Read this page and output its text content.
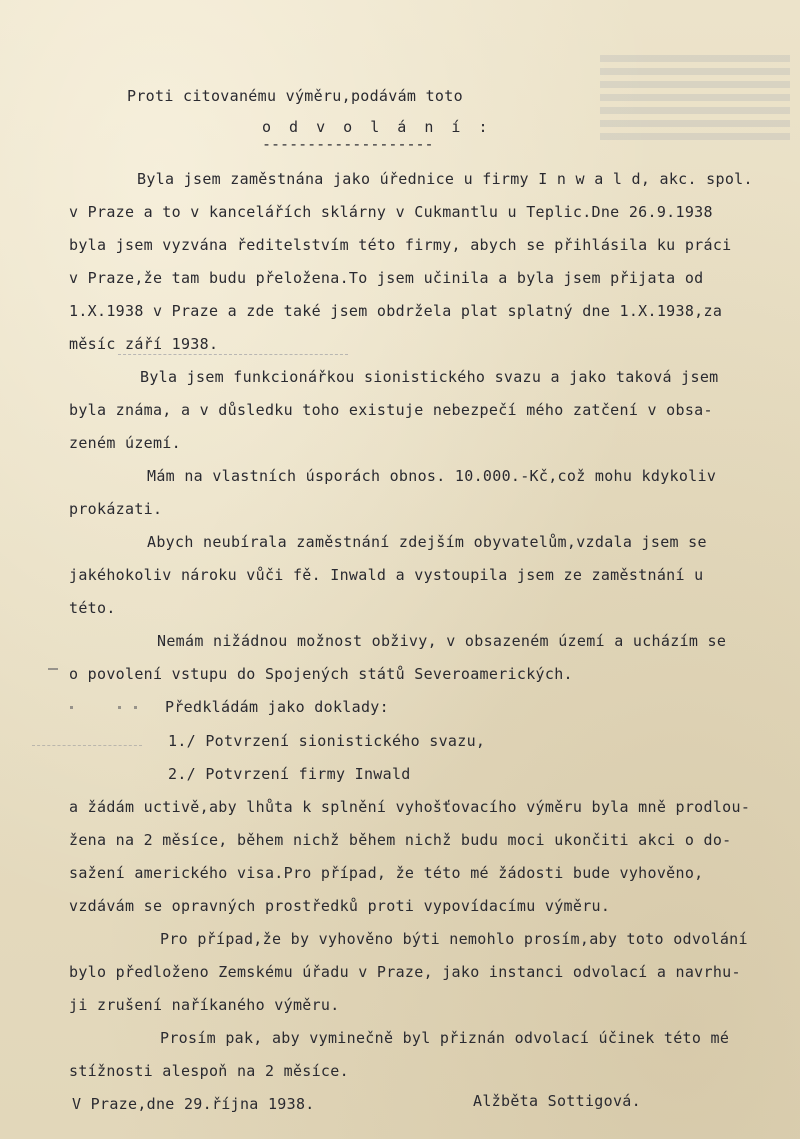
Proti citovanému výměru,podávám toto
o d v o l á n í :
-------------------
Byla jsem zaměstnána jako úřednice u firmy I n w a l d, akc. spol.
v Praze a to v kancelářích sklárny v Cukmantlu u Teplic.Dne 26.9.1938
byla jsem vyzvána ředitelstvím této firmy, abych se přihlásila ku práci
v Praze,že tam budu přeložena.To jsem učinila a byla jsem přijata od
1.X.1938 v Praze a zde také jsem obdržela plat splatný dne 1.X.1938,za
měsíc září 1938.
Byla jsem funkcionářkou sionistického svazu a jako taková jsem
byla známa, a v důsledku toho existuje nebezpečí mého zatčení v obsa-
zeném území.
Mám na vlastních úsporách obnos. 10.000.-Kč,což mohu kdykoliv
prokázati.
Abych neubírala zaměstnání zdejším obyvatelům,vzdala jsem se
jakéhokoliv nároku vůči fě. Inwald a vystoupila jsem ze zaměstnání u
této.
Nemám nižádnou možnost obživy, v obsazeném území a ucházím se
o povolení vstupu do Spojených států Severoamerických.
Předkládám jako doklady:
1./ Potvrzení sionistického svazu,
2./ Potvrzení firmy Inwald
a žádám uctivě,aby lhůta k splnění vyhošťovacího výměru byla mně prodlou-
žena na 2 měsíce, během nichž během nichž budu moci ukončiti akci o do-
sažení amerického visa.Pro případ, že této mé žádosti bude vyhověno,
vzdávám se opravných prostředků proti vypovídacímu výměru.
Pro případ,že by vyhověno býti nemohlo prosím,aby toto odvolání
bylo předloženo Zemskému úřadu v Praze, jako instanci odvolací a navrhu-
ji zrušení naříkaného výměru.
Prosím pak, aby vyminečně byl přiznán odvolací účinek této mé
stížnosti alespoň na 2 měsíce.
V Praze,dne 29.října 1938.	Alžběta Sottigová.
